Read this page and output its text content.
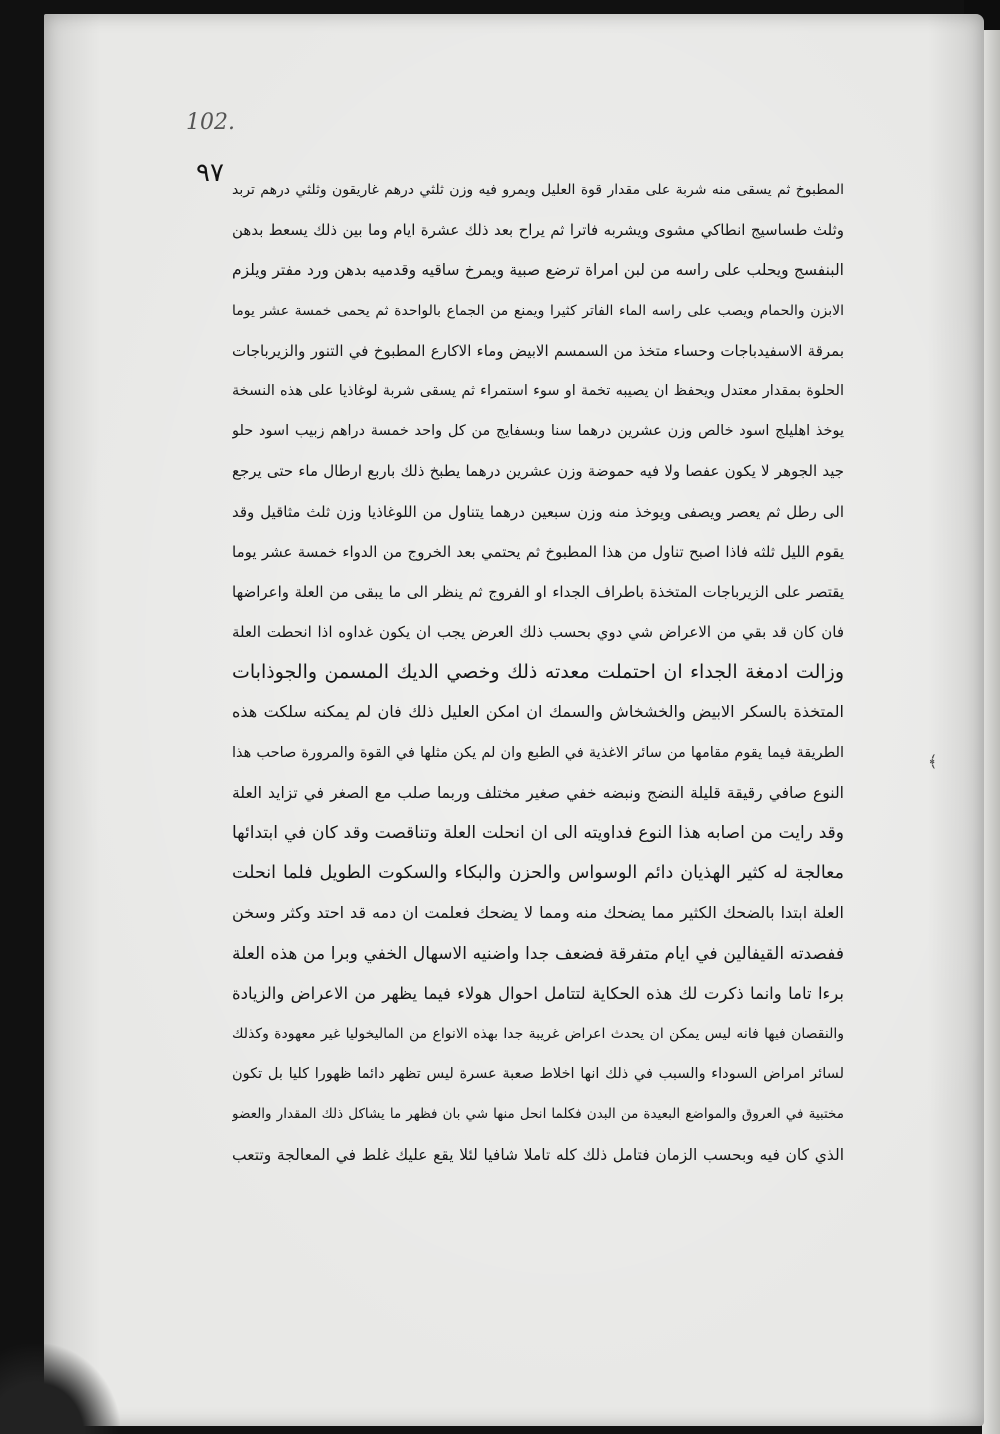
102.
٩٧
المطبوخ ثم يسقى منه شربة على مقدار قوة العليل ويمرو فيه وزن ثلثي درهم غاريقون وثلثي درهم تربد
وثلث طساسيج انطاكي مشوى ويشربه فاترا ثم يراح بعد ذلك عشرة ايام وما بين ذلك يسعط بدهن
البنفسج ويحلب على راسه من لبن امراة ترضع صبية ويمرخ ساقيه وقدميه بدهن ورد مفتر ويلزم
الابزن والحمام ويصب على راسه الماء الفاتر كثيرا ويمنع من الجماع بالواحدة ثم يحمى خمسة عشر يوما
بمرقة الاسفيدباجات وحساء متخذ من السمسم الابيض وماء الاكارع المطبوخ في التنور والزيرباجات
الحلوة بمقدار معتدل ويحفظ ان يصيبه تخمة او سوء استمراء ثم يسقى شربة لوغاذيا على هذه النسخة
يوخذ اهليلج اسود خالص وزن عشرين درهما سنا وبسفايج من كل واحد خمسة دراهم زبيب اسود حلو
جيد الجوهر لا يكون عفصا ولا فيه حموضة وزن عشرين درهما يطبخ ذلك باربع ارطال ماء حتى يرجع
الى رطل ثم يعصر ويصفى ويوخذ منه وزن سبعين درهما يتناول من اللوغاذيا وزن ثلث مثاقيل وقد
يقوم الليل ثلثه فاذا اصبح تناول من هذا المطبوخ ثم يحتمي بعد الخروج من الدواء خمسة عشر يوما
يقتصر على الزيرباجات المتخذة باطراف الجداء او الفروج ثم ينظر الى ما يبقى من العلة واعراضها
فان كان قد بقي من الاعراض شي دوي بحسب ذلك العرض يجب ان يكون غداوه اذا انحطت العلة
وزالت ادمغة الجداء ان احتملت معدته ذلك وخصي الديك المسمن والجوذابات
المتخذة بالسكر الابيض والخشخاش والسمك ان امكن العليل ذلك فان لم يمكنه سلكت هذه
الطريقة فيما يقوم مقامها من سائر الاغذية في الطبع وان لم يكن مثلها في القوة والمرورة صاحب هذا
النوع صافي رقيقة قليلة النضج ونبضه خفي صغير مختلف وربما صلب مع الصغر في تزايد العلة
وقد رايت من اصابه هذا النوع فداويته الى ان انحلت العلة وتناقصت وقد كان في ابتدائها
معالجة له كثير الهذيان دائم الوسواس والحزن والبكاء والسكوت الطويل فلما انحلت
العلة ابتدا بالضحك الكثير مما يضحك منه ومما لا يضحك فعلمت ان دمه قد احتد وكثر وسخن
ففصدته القيفالين في ايام متفرقة فضعف جدا واضنيه الاسهال الخفي وبرا من هذه العلة
برءا تاما وانما ذكرت لك هذه الحكاية لتتامل احوال هولاء فيما يظهر من الاعراض والزيادة
والنقصان فيها فانه ليس يمكن ان يحدث اعراض غريبة جدا بهذه الانواع من الماليخوليا غير معهودة وكذلك
لسائر امراض السوداء والسبب في ذلك انها اخلاط صعبة عسرة ليس تظهر دائما ظهورا كليا بل تكون
مختبية في العروق والمواضع البعيدة من البدن فكلما انحل منها شي بان فظهر ما يشاكل ذلك المقدار والعضو
الذي كان فيه وبحسب الزمان فتامل ذلك كله تاملا شافيا لئلا يقع عليك غلط في المعالجة وتتعب
﴾
